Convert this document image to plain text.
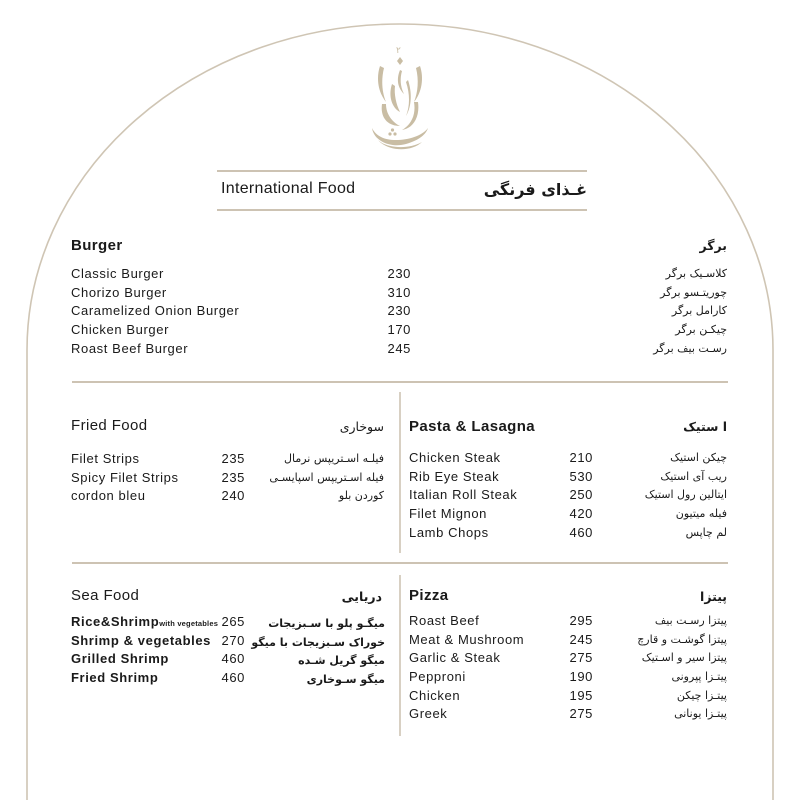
٢
International Food	غـذای فرنگی
Burger	برگر
Classic Burger	230	کلاسـیک برگر
Chorizo Burger	310	چوریتـسو برگر
Caramelized Onion Burger	230	کارامل برگر
Chicken Burger	170	چیکـن برگر
Roast Beef Burger	245	رسـت بیف برگر
Fried Food	سوخاری
Filet Strips	235	فیلـه اسـتریپس نرمال
Spicy Filet Strips	235 فیله اسـتریپس اسپایسـی
cordon bleu	240	کوردن بلو
Pasta & Lasagna	ا ستیک
Chicken Steak	210	چیکن استیک
Rib Eye Steak	530	ریب آی استیک
Italian Roll Steak	250	ایتالین رول استیک
Filet Mignon	420	فیله میتیون
Lamb Chops	460	لم چاپس
Sea Food	دریایی
Rice&Shrimpwith vegetables 265 میگـو پلو با سـبزیجات
Shrimp & vegetables 270 خوراک سـبزیجات با میگو
Grilled Shrimp	460	میگو گریل شـده
Fried Shrimp	460	میگو سـوخاری
Pizza	پیتزا
Roast Beef	295	پیتزا رسـت بیف
Meat & Mushroom	245	پیتزا گوشـت و قارچ
Garlic & Steak	275	پیتزا سیر و اسـتیک
Pepproni	190	پیتـزا پپرونی
Chicken	195	پیتـزا چیکن
Greek	275	پیتـزا یونانی
